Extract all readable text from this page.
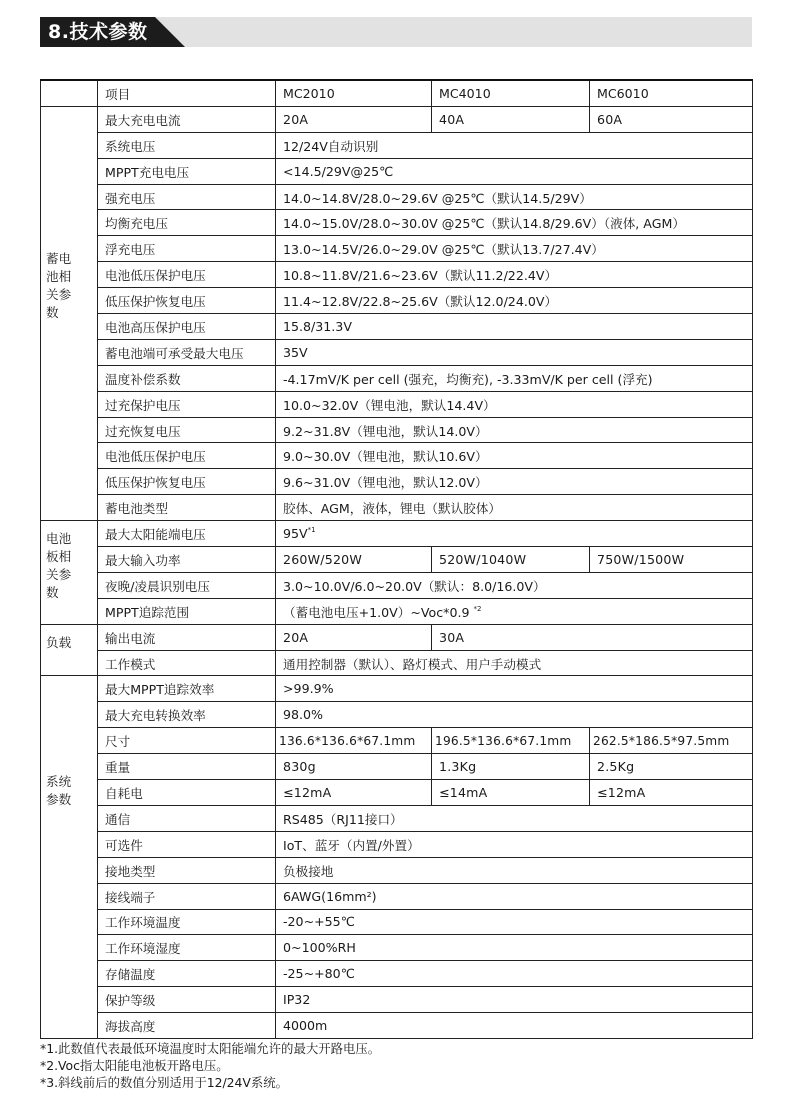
8.技术参数
	项目	MC2010	MC4010	MC6010

蓄电池相关参数	最大充电电流	20A	40A	60A
	系统电压	12/24V自动识别		
	MPPT充电电压	<14.5/29V@25℃		
	强充电压	14.0~14.8V/28.0~29.6V @25℃（默认14.5/29V）		
	均衡充电压	14.0~15.0V/28.0~30.0V @25℃（默认14.8/29.6V）（液体, AGM）		
	浮充电压	13.0~14.5V/26.0~29.0V @25℃（默认13.7/27.4V）		
	电池低压保护电压	10.8~11.8V/21.6~23.6V（默认11.2/22.4V）		
	低压保护恢复电压	11.4~12.8V/22.8~25.6V（默认12.0/24.0V）		
	电池高压保护电压	15.8/31.3V		
	蓄电池端可承受最大电压	35V		
	温度补偿系数	-4.17mV/K per cell (强充，均衡充), -3.33mV/K per cell (浮充)		
	过充保护电压	10.0~32.0V（锂电池，默认14.4V）		
	过充恢复电压	9.2~31.8V（锂电池，默认14.0V）		
	电池低压保护电压	9.0~30.0V（锂电池，默认10.6V）		
	低压保护恢复电压	9.6~31.0V（锂电池，默认12.0V）		
	蓄电池类型	胶体、AGM，液体，锂电（默认胶体）		

电池板相关参数	最大太阳能端电压	$95V^{*1}$
	最大输入功率	260W/520W	520W/1040W	750W/1500W
	夜晚/凌晨识别电压	3.0~10.0V/6.0~20.0V（默认：8.0/16.0V）		
	MPPT追踪范围	（蓄电池电压+1.0V）~Voc*0.9 $^{*2}$

负载	输出电流	20A	30A	
	工作模式	通用控制器（默认）、路灯模式、用户手动模式		

系统参数	最大MPPT追踪效率	>99.9%		
	最大充电转换效率	98.0%		
	尺寸	136.6*136.6*67.1mm	196.5*136.6*67.1mm	262.5*186.5*97.5mm
	重量	830g	1.3Kg	2.5Kg
	自耗电	≤12mA	≤14mA	≤12mA
	通信	RS485（RJ11接口）		
	可选件	IoT、蓝牙（内置/外置）		
	接地类型	负极接地		
	接线端子	6AWG(16mm²)		
	工作环境温度	-20~+55℃		
	工作环境湿度	0~100%RH		
	存储温度	-25~+80℃		
	保护等级	IP32		
	海拔高度	4000m		
*1.此数值代表最低环境温度时太阳能端允许的最大开路电压。
*2.Voc指太阳能电池板开路电压。
*3.斜线前后的数值分别适用于12/24V系统。
